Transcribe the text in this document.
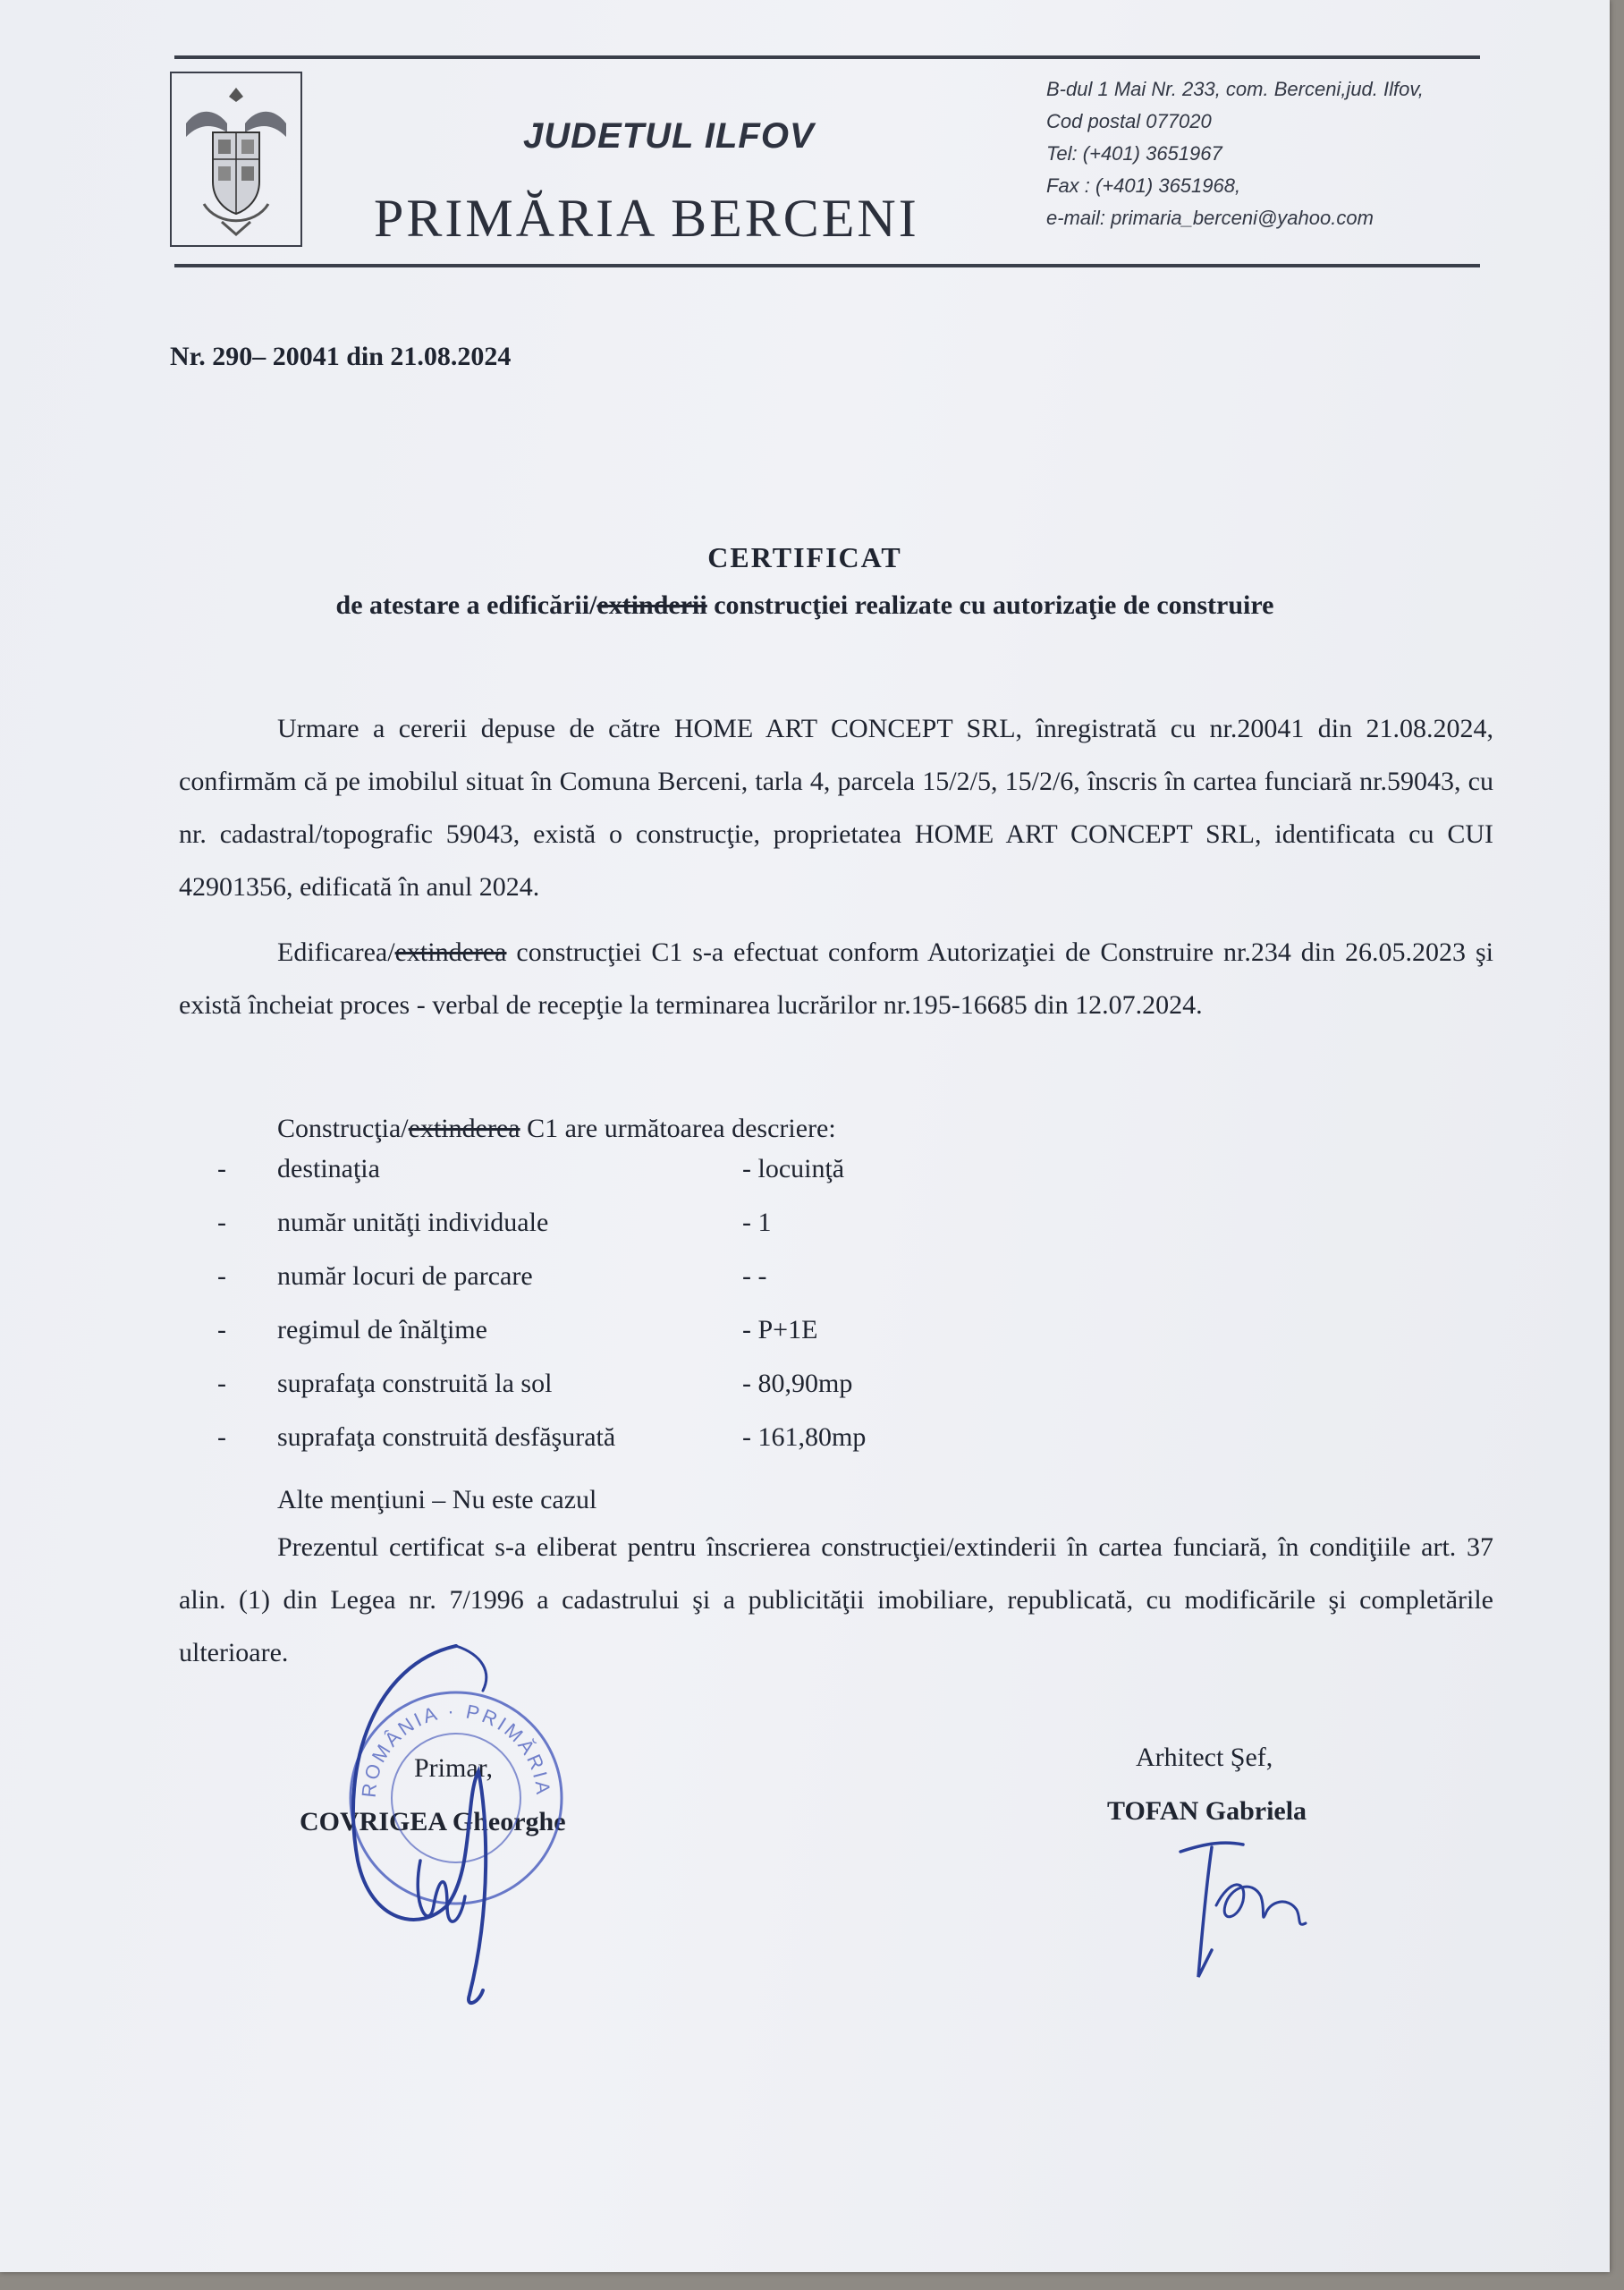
JUDETUL ILFOV
PRIMĂRIA BERCENI
B-dul 1 Mai Nr. 233, com. Berceni,jud. Ilfov,
Cod postal 077020
Tel: (+401) 3651967
Fax : (+401) 3651968,
e-mail: primaria_berceni@yahoo.com
Nr. 290– 20041 din 21.08.2024
CERTIFICAT
de atestare a edificării/extinderii construcţiei realizate cu autorizaţie de construire

Urmare a cererii depuse de către HOME ART CONCEPT SRL, înregistrată cu nr.20041 din 21.08.2024, confirmăm că pe imobilul situat în Comuna Berceni, tarla 4, parcela 15/2/5, 15/2/6, înscris în cartea funciară nr.59043, cu nr. cadastral/topografic 59043, există o construcţie, proprietatea HOME ART CONCEPT SRL, identificata cu CUI 42901356, edificată în anul 2024.

Edificarea/extinderea construcţiei C1 s-a efectuat conform Autorizaţiei de Construire nr.234 din 26.05.2023 şi există încheiat proces - verbal de recepţie la terminarea lucrărilor nr.195-16685 din 12.07.2024.

Construcţia/extinderea C1 are următoarea descriere:

- destinaţia	- locuinţă
- număr unităţi individuale	- 1
- număr locuri de parcare	- -
- regimul de înălţime	- P+1E
- suprafaţa construită la sol	- 80,90mp
- suprafaţa construită desfăşurată	- 161,80mp
Alte menţiuni – Nu este cazul

Prezentul certificat s-a eliberat pentru înscrierea construcţiei/extinderii în cartea funciară, în condiţiile art. 37 alin. (1) din Legea nr. 7/1996 a cadastrului şi a publicităţii imobiliare, republicată, cu modificările şi completările ulterioare.

Primar,
COVRIGEA Gheorghe
Arhitect Şef,
TOFAN Gabriela
ROMÂNIA · PRIMĂRIA
